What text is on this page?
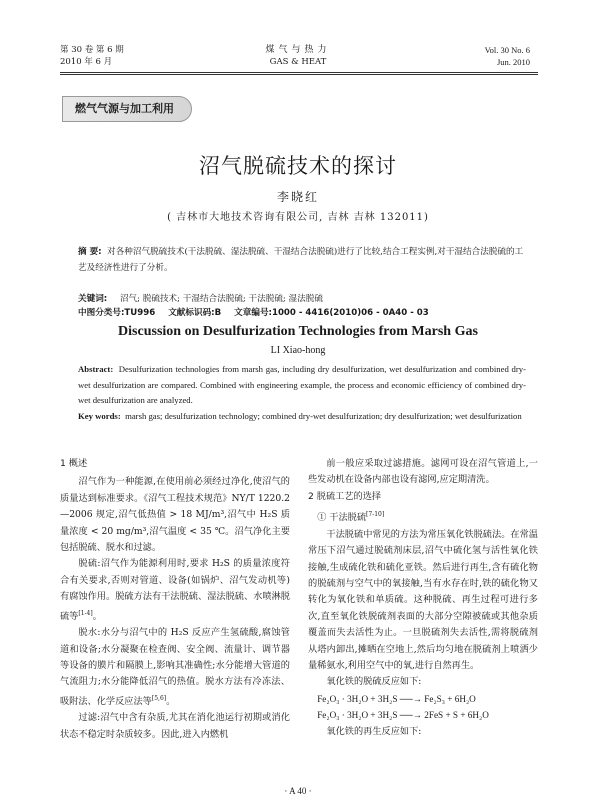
第 30 卷 第 6 期
2010 年 6 月
煤气与热力
GAS & HEAT
Vol. 30 No. 6
Jun. 2010
燃气气源与加工利用
沼气脱硫技术的探讨
李晓红
( 吉林市大地技术咨询有限公司, 吉林 吉林 132011)

摘 要: 对各种沼气脱硫技术(干法脱硫、湿法脱硫、干湿结合法脱硫)进行了比较,结合工程实例,对干湿结合法脱硫的工艺及经济性进行了分析。

关键词: 沼气; 脱硫技术; 干湿结合法脱硫; 干法脱硫; 湿法脱硫
中图分类号:TU996 文献标识码:B 文章编号:1000 - 4416(2010)06 - 0A40 - 03
Discussion on Desulfurization Technologies from Marsh Gas
LI Xiao-hong

Abstract: Desulfurization technologies from marsh gas, including dry desulfurization, wet desulfurization and combined dry-wet desulfurization are compared. Combined with engineering example, the process and economic efficiency of combined dry-wet desulfurization are analyzed.

Key words: marsh gas; desulfurization technology; combined dry-wet desulfurization; dry desulfurization; wet desulfurization

1 概述

沼气作为一种能源,在使用前必须经过净化,使沼气的质量达到标准要求。《沼气工程技术规范》NY/T 1220.2—2006 规定,沼气低热值 > 18 MJ/m³,沼气中 H₂S 质量浓度 < 20 mg/m³,沼气温度 < 35 ℃。沼气净化主要包括脱硫、脱水和过滤。

脱硫:沼气作为能源利用时,要求 H₂S 的质量浓度符合有关要求,否则对管道、设备(如锅炉、沼气发动机等)有腐蚀作用。脱硫方法有干法脱硫、湿法脱硫、水喷淋脱硫等[1-4]。

脱水:水分与沼气中的 H₂S 反应产生氢硫酸,腐蚀管道和设备;水分凝聚在检查阀、安全阀、流量计、调节器等设备的膜片和隔膜上,影响其准确性;水分能增大管道的气流阻力;水分能降低沼气的热值。脱水方法有冷冻法、吸附法、化学反应法等[5,6]。

过滤:沼气中含有杂质,尤其在消化池运行初期或消化状态不稳定时杂质较多。因此,进入内燃机

前一般应采取过滤措施。滤网可设在沼气管道上,一些发动机在设备内部也设有滤网,应定期清洗。

2 脱硫工艺的选择
① 干法脱硫[7-10]

干法脱硫中常见的方法为常压氧化铁脱硫法。在常温常压下沼气通过脱硫剂床层,沼气中硫化氢与活性氧化铁接触,生成硫化铁和硫化亚铁。然后进行再生,含有硫化物的脱硫剂与空气中的氧接触,当有水存在时,铁的硫化物又转化为氧化铁和单质硫。这种脱硫、再生过程可进行多次,直至氧化铁脱硫剂表面的大部分空隙被硫或其他杂质覆盖而失去活性为止。一旦脱硫剂失去活性,需将脱硫剂从塔内卸出,摊晒在空地上,然后均匀地在脱硫剂上喷洒少量稀氨水,利用空气中的氧,进行自然再生。

氧化铁的脱硫反应如下:

Fe₂O₃ · 3H₂O + 3H₂S ──→ Fe₂S₃ + 6H₂O
Fe₂O₃ · 3H₂O + 3H₂S ──→ 2FeS + S + 6H₂O

氧化铁的再生反应如下:

· A 40 ·
